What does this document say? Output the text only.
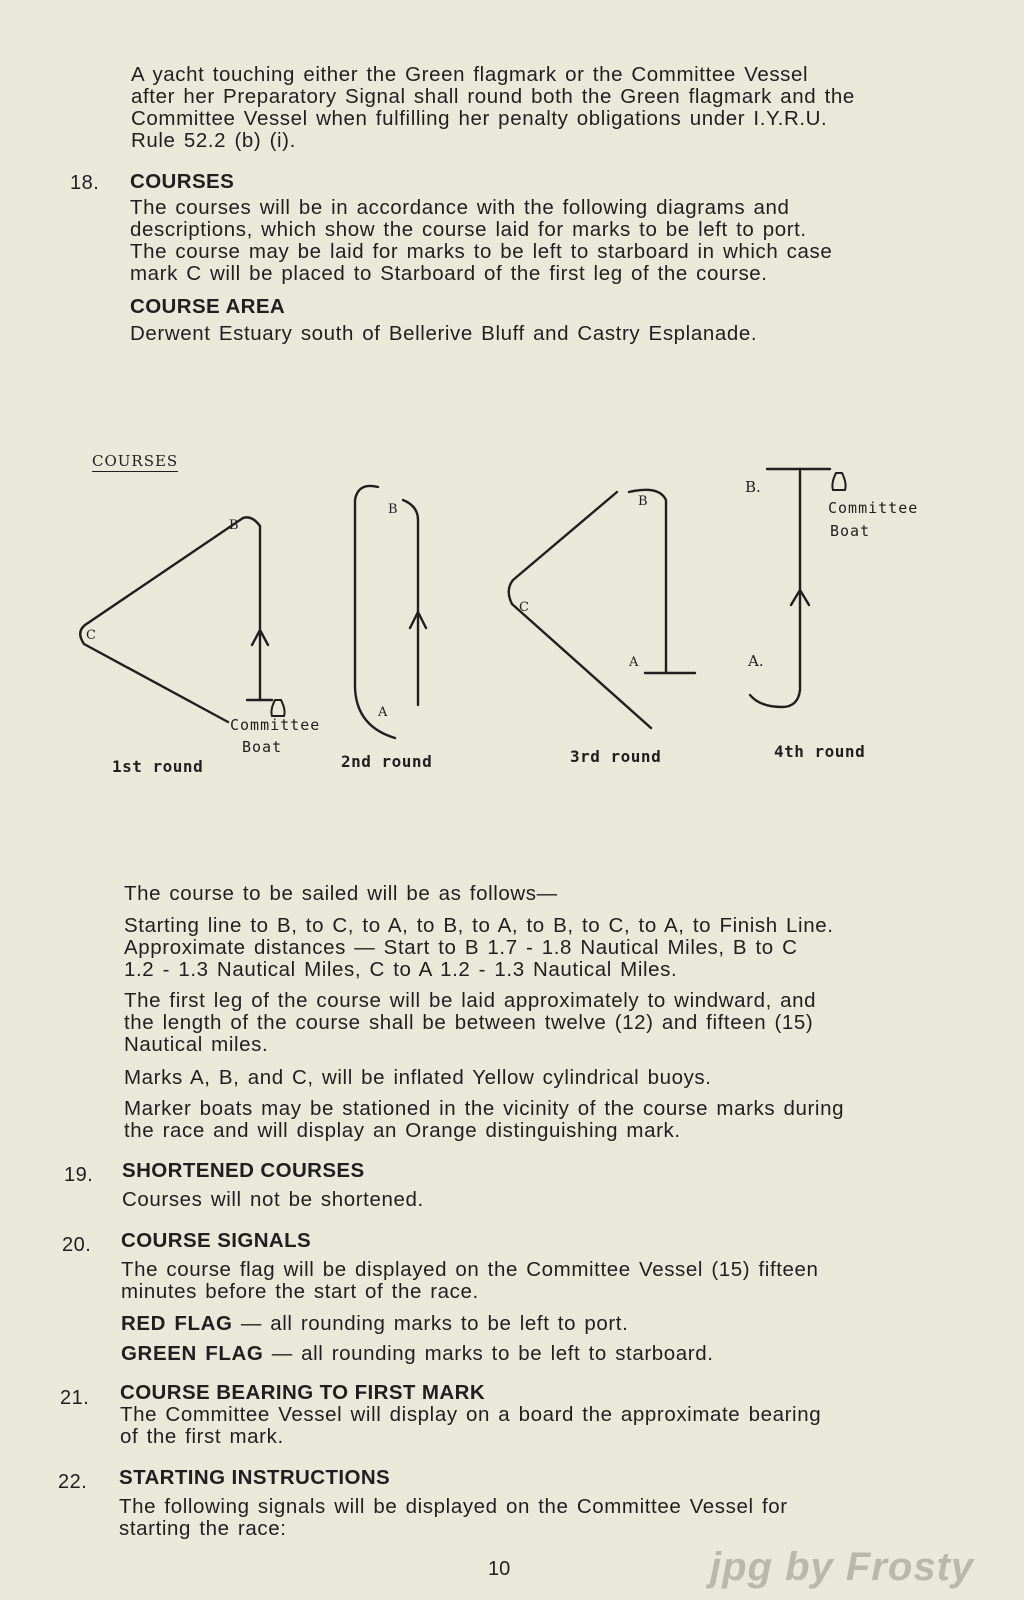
A yacht touching either the Green flagmark or the Committee Vessel
after her Preparatory Signal shall round both the Green flagmark and the
Committee Vessel when fulfilling her penalty obligations under I.Y.R.U.
Rule 52.2 (b) (i).

18. COURSES

The courses will be in accordance with the following diagrams and
descriptions, which show the course laid for marks to be left to port.
The course may be laid for marks to be left to starboard in which case
mark C will be placed to Starboard of the first leg of the course.

COURSE AREA

Derwent Estuary south of Bellerive Bluff and Castry Esplanade.

COURSES
B
C
B
A
B
C
A
B.
A.
Committee
Boat
Committee
Boat
1st round	2nd round	3rd round	4th round

The course to be sailed will be as follows—

Starting line to B, to C, to A, to B, to A, to B, to C, to A, to Finish Line.
Approximate distances — Start to B 1.7 - 1.8 Nautical Miles, B to C
1.2 - 1.3 Nautical Miles, C to A 1.2 - 1.3 Nautical Miles.

The first leg of the course will be laid approximately to windward, and
the length of the course shall be between twelve (12) and fifteen (15)
Nautical miles.

Marks A, B, and C, will be inflated Yellow cylindrical buoys.

Marker boats may be stationed in the vicinity of the course marks during
the race and will display an Orange distinguishing mark.

19. SHORTENED COURSES

Courses will not be shortened.

20. COURSE SIGNALS

The course flag will be displayed on the Committee Vessel (15) fifteen
minutes before the start of the race.

RED FLAG — all rounding marks to be left to port.

GREEN FLAG — all rounding marks to be left to starboard.

21. COURSE BEARING TO FIRST MARK

The Committee Vessel will display on a board the approximate bearing
of the first mark.

22. STARTING INSTRUCTIONS

The following signals will be displayed on the Committee Vessel for
starting the race:

10	jpg by Frosty
